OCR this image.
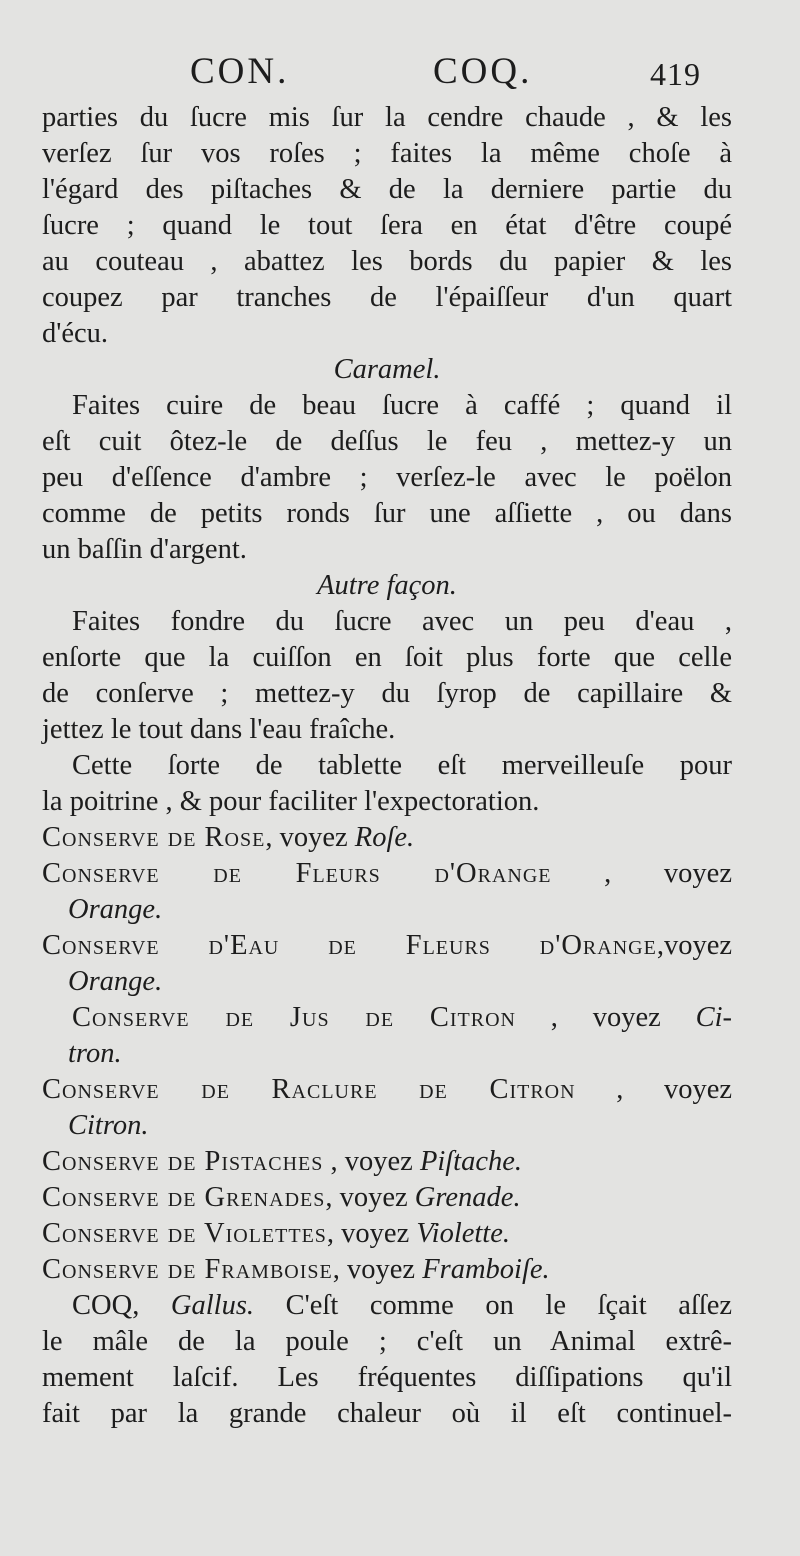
CON.	COQ.	419
parties du ſucre mis ſur la cendre chaude , & les
verſez ſur vos roſes ; faites la même choſe à
l'égard des piſtaches & de la derniere partie du
ſucre ; quand le tout ſera en état d'être coupé
au couteau , abattez les bords du papier & les
coupez par tranches de l'épaiſſeur d'un quart
d'écu.
Caramel.
Faites cuire de beau ſucre à caffé ; quand il
eſt cuit ôtez-le de deſſus le feu , mettez-y un
peu d'eſſence d'ambre ; verſez-le avec le poëlon
comme de petits ronds ſur une aſſiette , ou dans
un baſſin d'argent.
Autre façon.
Faites fondre du ſucre avec un peu d'eau ,
enſorte que la cuiſſon en ſoit plus forte que celle
de conſerve ; mettez-y du ſyrop de capillaire &
jettez le tout dans l'eau fraîche.
Cette ſorte de tablette eſt merveilleuſe pour
la poitrine , & pour faciliter l'expectoration.
Conserve de Rose, voyez Roſe.
Conserve de Fleurs d'Orange , voyez
Orange.
Conserve d'Eau de Fleurs d'Orange,voyez
Orange.
Conserve de Jus de Citron , voyez Ci-
tron.
Conserve de Raclure de Citron , voyez
Citron.
Conserve de Pistaches , voyez Piſtache.
Conserve de Grenades, voyez Grenade.
Conserve de Violettes, voyez Violette.
Conserve de Framboise, voyez Framboiſe.
COQ, Gallus. C'eſt comme on le ſçait aſſez
le mâle de la poule ; c'eſt un Animal extrê-
mement laſcif. Les fréquentes diſſipations qu'il
fait par la grande chaleur où il eſt continuel-
